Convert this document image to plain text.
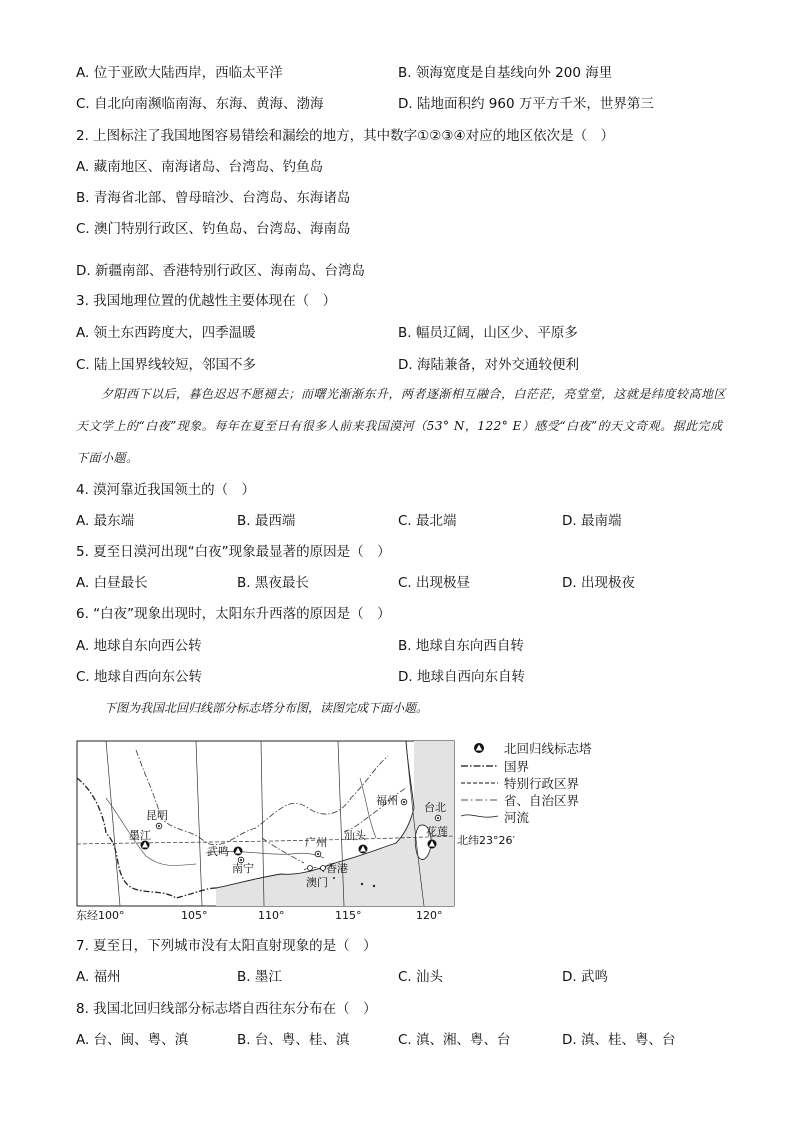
A. 位于亚欧大陆西岸，西临太平洋	B. 领海宽度是自基线向外 200 海里
C. 自北向南濒临南海、东海、黄海、渤海	D. 陆地面积约 960 万平方千米，世界第三
2. 上图标注了我国地图容易错绘和漏绘的地方，其中数字①②③④对应的地区依次是（　）
A. 藏南地区、南海诸岛、台湾岛、钓鱼岛
B. 青海省北部、曾母暗沙、台湾岛、东海诸岛
C. 澳门特别行政区、钓鱼岛、台湾岛、海南岛
D. 新疆南部、香港特别行政区、海南岛、台湾岛
3. 我国地理位置的优越性主要体现在（　）
A. 领土东西跨度大，四季温暖	B. 幅员辽阔，山区少、平原多
C. 陆上国界线较短，邻国不多	D. 海陆兼备，对外交通较便利
夕阳西下以后，暮色迟迟不愿褪去；而曙光渐渐东升，两者逐渐相互融合，白茫茫，亮堂堂，这就是纬度较高地区天文学上的“白夜”现象。每年在夏至日有很多人前来我国漠河（53° N，122° E）感受“白夜”的天文奇观。据此完成下面小题。
4. 漠河靠近我国领土的（　）
A. 最东端	B. 最西端	C. 最北端	D. 最南端
5. 夏至日漠河出现“白夜”现象最显著的原因是（　）
A. 白昼最长	B. 黑夜最长	C. 出现极昼	D. 出现极夜
6. “白夜”现象出现时，太阳东升西落的原因是（　）
A. 地球自东向西公转	B. 地球自东向西自转
C. 地球自西向东公转	D. 地球自西向东自转
下图为我国北回归线部分标志塔分布图，读图完成下面小题。
昆明
墨江
武鸣
南宁
广州
汕头
福州
台北
花莲
香港
澳门
北纬23°26′
东经100°	105°	110°	115°	120°
北回归线标志塔
国界
特别行政区界
省、自治区界
河流
7. 夏至日，下列城市没有太阳直射现象的是（　）
A. 福州	B. 墨江	C. 汕头	D. 武鸣
8. 我国北回归线部分标志塔自西往东分布在（　）
A. 台、闽、粤、滇	B. 台、粤、桂、滇	C. 滇、湘、粤、台	D. 滇、桂、粤、台
